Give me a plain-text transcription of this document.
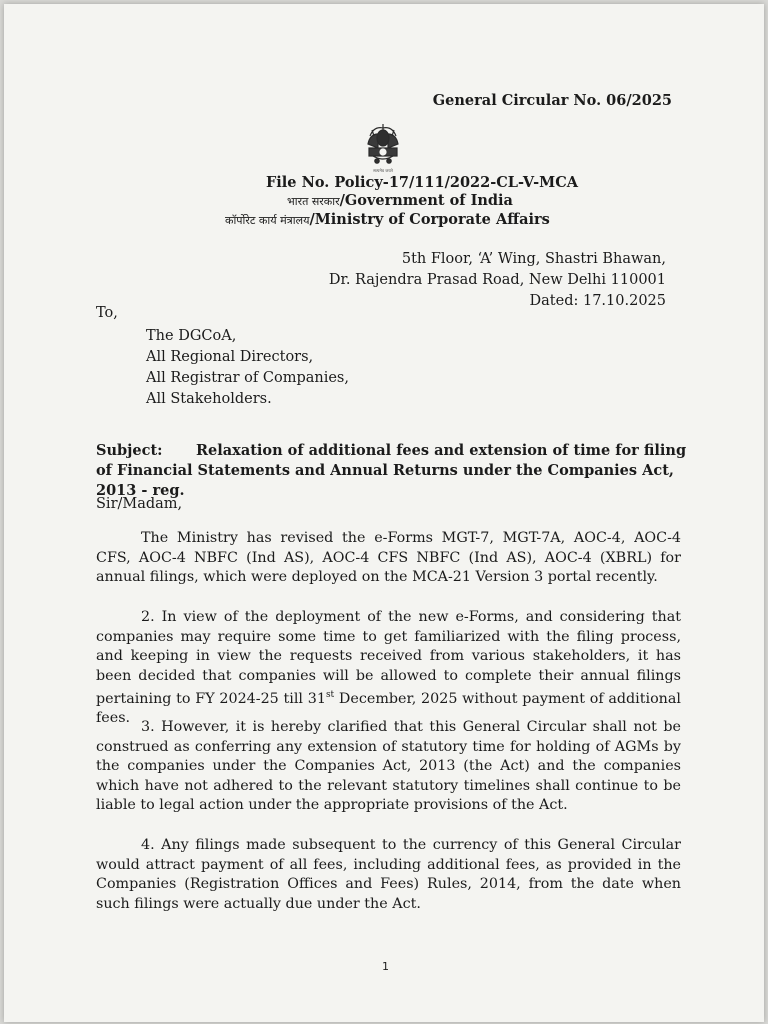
General Circular No. 06/2025
सत्यमेव जयते
File No. Policy-17/111/2022-CL-V-MCA
भारत सरकार/Government of India
कॉर्पोरेट कार्य मंत्रालय/Ministry of Corporate Affairs
5th Floor, ‘A’ Wing, Shastri Bhawan,
Dr. Rajendra Prasad Road, New Delhi 110001
Dated: 17.10.2025
To,
The DGCoA,
All Regional Directors,
All Registrar of Companies,
All Stakeholders.
Subject: Relaxation of additional fees and extension of time for filing of Financial Statements and Annual Returns under the Companies Act, 2013 - reg.
Sir/Madam,
The Ministry has revised the e-Forms MGT-7, MGT-7A, AOC-4, AOC-4 CFS, AOC-4 NBFC (Ind AS), AOC-4 CFS NBFC (Ind AS), AOC-4 (XBRL) for annual filings, which were deployed on the MCA-21 Version 3 portal recently.
2. In view of the deployment of the new e-Forms, and considering that companies may require some time to get familiarized with the filing process, and keeping in view the requests received from various stakeholders, it has been decided that companies will be allowed to complete their annual filings pertaining to FY 2024-25 till 31st December, 2025 without payment of additional fees.
3. However, it is hereby clarified that this General Circular shall not be construed as conferring any extension of statutory time for holding of AGMs by the companies under the Companies Act, 2013 (the Act) and the companies which have not adhered to the relevant statutory timelines shall continue to be liable to legal action under the appropriate provisions of the Act.
4. Any filings made subsequent to the currency of this General Circular would attract payment of all fees, including additional fees, as provided in the Companies (Registration Offices and Fees) Rules, 2014, from the date when such filings were actually due under the Act.
1
